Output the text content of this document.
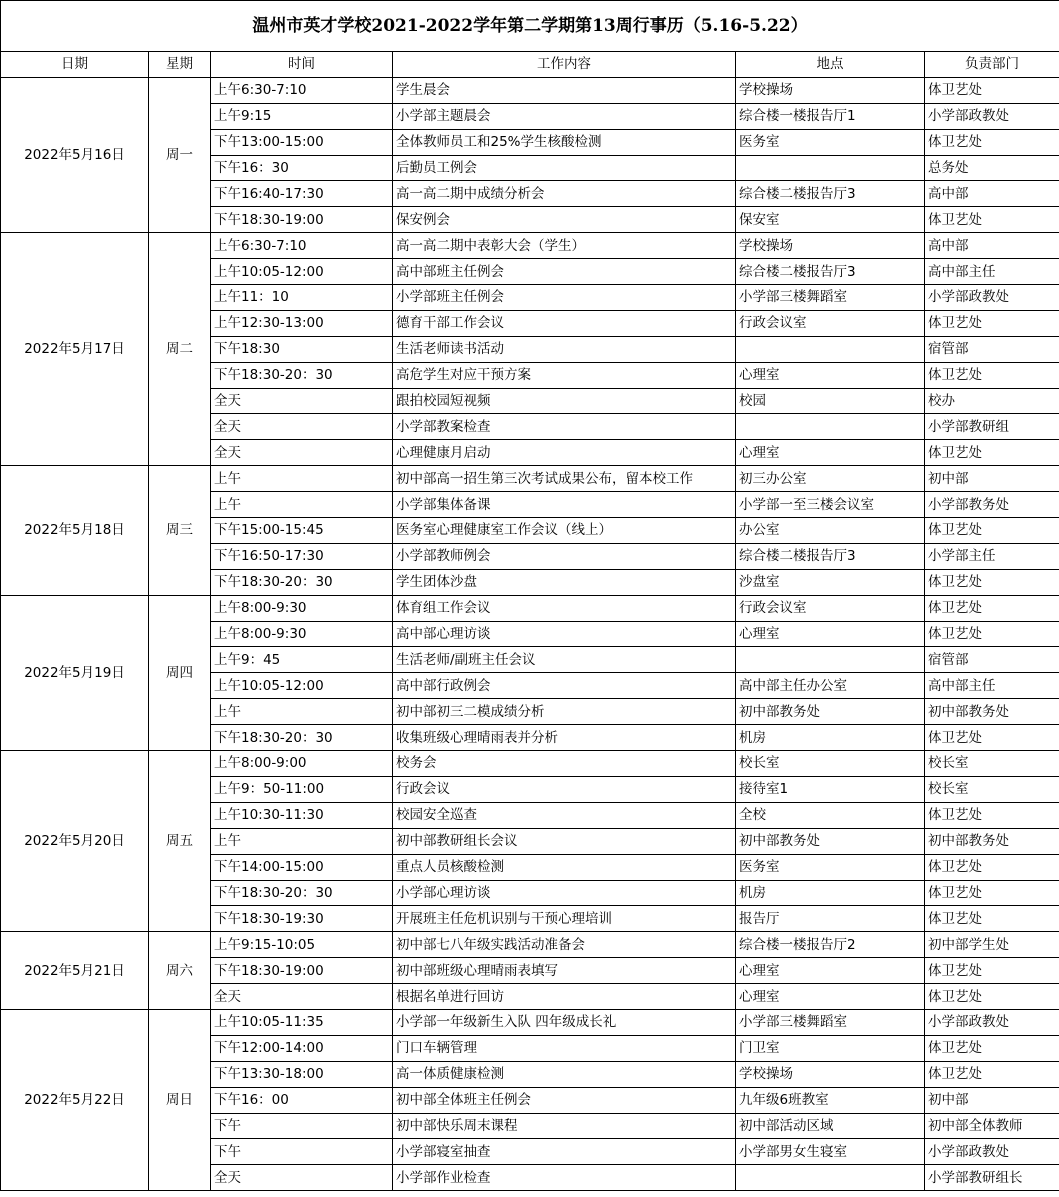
温州市英才学校2021-2022学年第二学期第13周行事历（5.16-5.22）					
日期	星期	时间	工作内容	地点	负责部门
2022年5月16日	周一	上午6:30-7:10	学生晨会	学校操场	体卫艺处
		上午9:15	小学部主题晨会	综合楼一楼报告厅1	小学部政教处
		下午13:00-15:00	全体教师员工和25%学生核酸检测	医务室	体卫艺处
		下午16：30	后勤员工例会		总务处
		下午16:40-17:30	高一高二期中成绩分析会	综合楼二楼报告厅3	高中部
		下午18:30-19:00	保安例会	保安室	体卫艺处
2022年5月17日	周二	上午6:30-7:10	高一高二期中表彰大会（学生）	学校操场	高中部
		上午10:05-12:00	高中部班主任例会	综合楼二楼报告厅3	高中部主任
		上午11：10	小学部班主任例会	小学部三楼舞蹈室	小学部政教处
		上午12:30-13:00	德育干部工作会议	行政会议室	体卫艺处
		下午18:30	生活老师读书活动		宿管部
		下午18:30-20：30	高危学生对应干预方案	心理室	体卫艺处
		全天	跟拍校园短视频	校园	校办
		全天	小学部教案检查		小学部教研组
		全天	心理健康月启动	心理室	体卫艺处
2022年5月18日	周三	上午	初中部高一招生第三次考试成果公布，留本校工作	初三办公室	初中部
		上午	小学部集体备课	小学部一至三楼会议室	小学部教务处
		下午15:00-15:45	医务室心理健康室工作会议（线上）	办公室	体卫艺处
		下午16:50-17:30	小学部教师例会	综合楼二楼报告厅3	小学部主任
		下午18:30-20：30	学生团体沙盘	沙盘室	体卫艺处
2022年5月19日	周四	上午8:00-9:30	体育组工作会议	行政会议室	体卫艺处
		上午8:00-9:30	高中部心理访谈	心理室	体卫艺处
		上午9：45	生活老师/副班主任会议		宿管部
		上午10:05-12:00	高中部行政例会	高中部主任办公室	高中部主任
		上午	初中部初三二模成绩分析	初中部教务处	初中部教务处
		下午18:30-20：30	收集班级心理晴雨表并分析	机房	体卫艺处
2022年5月20日	周五	上午8:00-9:00	校务会	校长室	校长室
		上午9：50-11:00	行政会议	接待室1	校长室
		上午10:30-11:30	校园安全巡查	全校	体卫艺处
		上午	初中部教研组长会议	初中部教务处	初中部教务处
		下午14:00-15:00	重点人员核酸检测	医务室	体卫艺处
		下午18:30-20：30	小学部心理访谈	机房	体卫艺处
		下午18:30-19:30	开展班主任危机识别与干预心理培训	报告厅	体卫艺处
2022年5月21日	周六	上午9:15-10:05	初中部七八年级实践活动准备会	综合楼一楼报告厅2	初中部学生处
		下午18:30-19:00	初中部班级心理晴雨表填写	心理室	体卫艺处
		全天	根据名单进行回访	心理室	体卫艺处
2022年5月22日	周日	上午10:05-11:35	小学部一年级新生入队 四年级成长礼	小学部三楼舞蹈室	小学部政教处
		下午12:00-14:00	门口车辆管理	门卫室	体卫艺处
		下午13:30-18:00	高一体质健康检测	学校操场	体卫艺处
		下午16：00	初中部全体班主任例会	九年级6班教室	初中部
		下午	初中部快乐周末课程	初中部活动区域	初中部全体教师
		下午	小学部寝室抽查	小学部男女生寝室	小学部政教处
		全天	小学部作业检查		小学部教研组长
